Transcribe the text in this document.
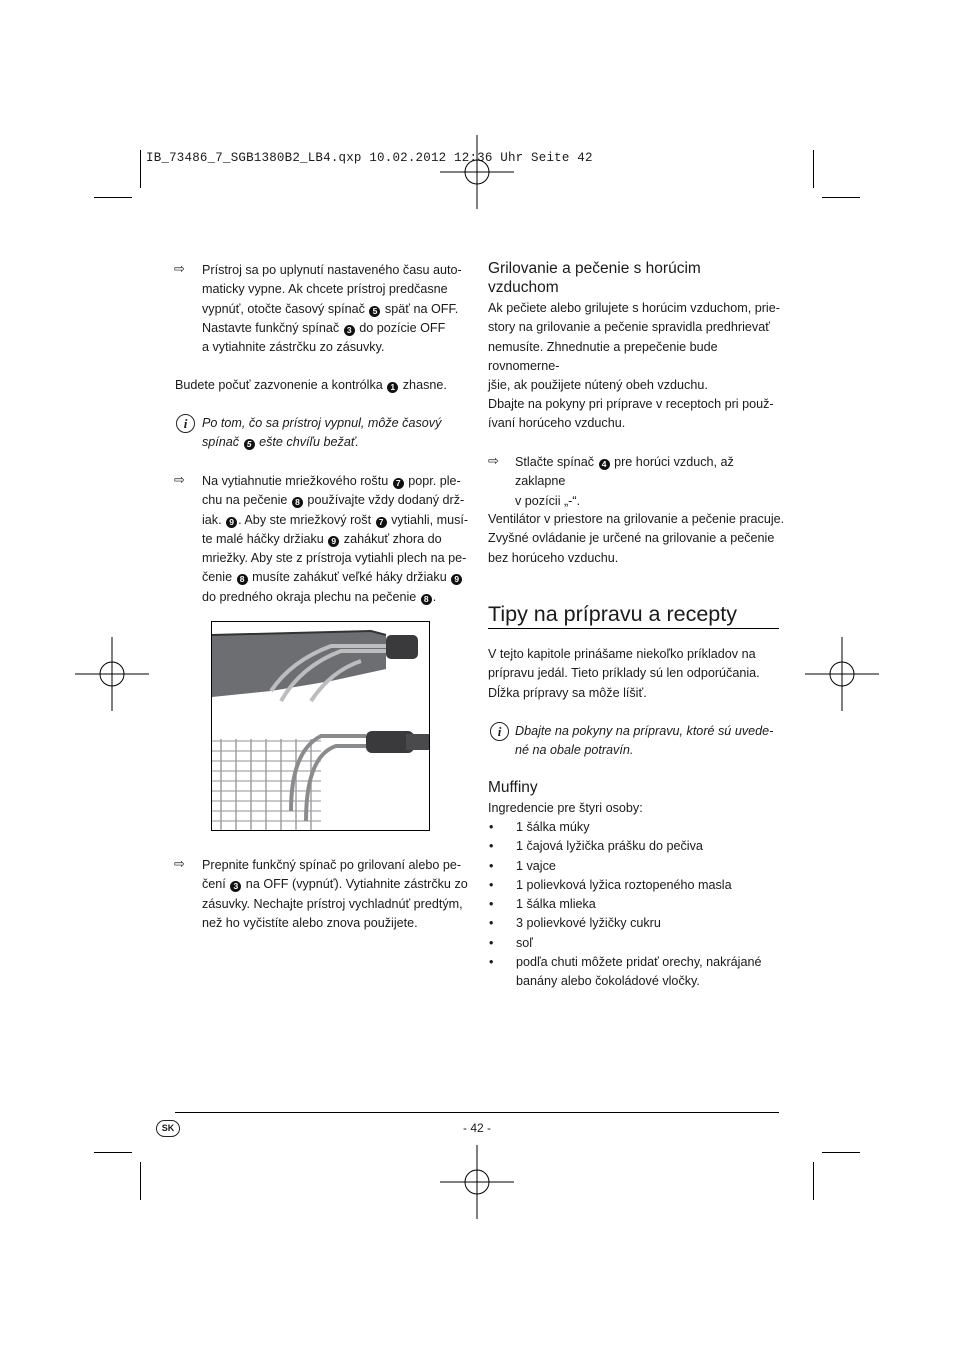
IB_73486_7_SGB1380B2_LB4.qxp 10.02.2012 12:36 Uhr Seite 42
⇨ Prístroj sa po uplynutí nastaveného času auto-
maticky vypne. Ak chcete prístroj predčasne
vypnúť, otočte časový spínač 5 späť na OFF.
Nastavte funkčný spínač 3 do pozície OFF
a vytiahnite zástrčku zo zásuvky.
Budete počuť zazvonenie a kontrólka 1 zhasne.
i	Po tom, čo sa prístroj vypnul, môže časový
spínač 5 ešte chvíľu bežať.
⇨ Na vytiahnutie mriežkového roštu 7 popr. ple-
chu na pečenie 8 používajte vždy dodaný drž-
iak. 9 . Aby ste mriežkový rošt 7 vytiahli, musí-
te malé háčky držiaku 9 zahákuť zhora do
mriežky. Aby ste z prístroja vytiahli plech na pe-
čenie 8 musíte zahákuť veľké háky držiaku 9
do predného okraja plechu na pečenie 8 .
⇨ Prepnite funkčný spínač po grilovaní alebo pe-
čení 3 na OFF (vypnúť). Vytiahnite zástrčku zo
zásuvky. Nechajte prístroj vychladnúť predtým,
než ho vyčistíte alebo znova použijete.
Grilovanie a pečenie s horúcim vzduchom
Ak pečiete alebo grilujete s horúcim vzduchom, prie-
story na grilovanie a pečenie spravidla predhrievať
nemusíte. Zhnednutie a prepečenie bude rovnomerne-
jšie, ak použijete nútený obeh vzduchu.
Dbajte na pokyny pri príprave v receptoch pri použ-
ívaní horúceho vzduchu.
⇨ Stlačte spínač 4 pre horúci vzduch, až zaklapne
v pozícii „-“.
Ventilátor v priestore na grilovanie a pečenie pracuje.
Zvyšné ovládanie je určené na grilovanie a pečenie
bez horúceho vzduchu.
Tipy na prípravu a recepty
V tejto kapitole prinášame niekoľko príkladov na
prípravu jedál. Tieto príklady sú len odporúčania.
Dĺžka prípravy sa môže líšiť.
i	Dbajte na pokyny na prípravu, ktoré sú uvede-
né na obale potravín.
Muffiny
Ingredencie pre štyri osoby:
• 1 šálka múky
• 1 čajová lyžička prášku do pečiva
• 1 vajce
• 1 polievková lyžica roztopeného masla
• 1 šálka mlieka
• 3 polievkové lyžičky cukru
• soľ
• podľa chuti môžete pridať orechy, nakrájané
banány alebo čokoládové vločky.
SK	- 42 -
